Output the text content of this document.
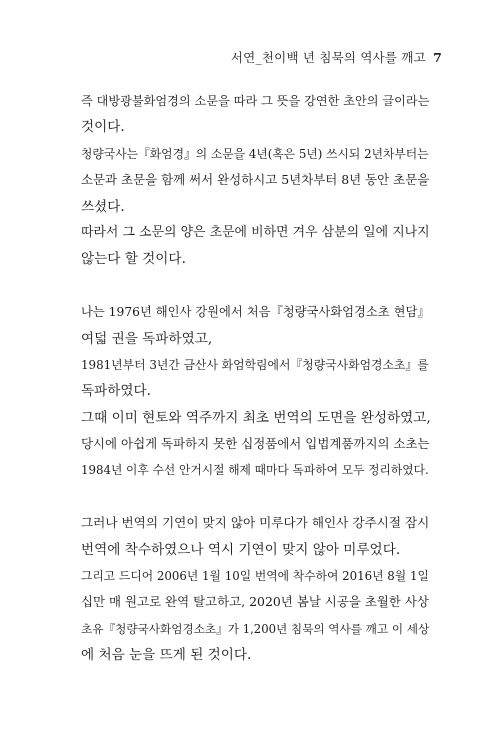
서연_천이백 년 침묵의 역사를 깨고 7
즉 대방광불화엄경의 소문을 따라 그 뜻을 강연한 초안의 글이라는
것이다.
청량국사는『화엄경』의 소문을 4년(혹은 5년) 쓰시되 2년차부터는
소문과 초문을 함께 써서 완성하시고 5년차부터 8년 동안 초문을
쓰셨다.
따라서 그 소문의 양은 초문에 비하면 겨우 삼분의 일에 지나지
않는다 할 것이다.
나는 1976년 해인사 강원에서 처음『청량국사화엄경소초 현담』
여덟 권을 독파하였고,
1981년부터 3년간 금산사 화엄학림에서『청량국사화엄경소초』를
독파하였다.
그때 이미 현토와 역주까지 최초 번역의 도면을 완성하였고,
당시에 아쉽게 독파하지 못한 십정품에서 입법계품까지의 소초는
1984년 이후 수선 안거시절 해제 때마다 독파하여 모두 정리하였다.
그러나 번역의 기연이 맞지 않아 미루다가 해인사 강주시절 잠시
번역에 착수하였으나 역시 기연이 맞지 않아 미루었다.
그리고 드디어 2006년 1월 10일 번역에 착수하여 2016년 8월 1일
십만 매 원고로 완역 탈고하고, 2020년 봄날 시공을 초월한 사상
초유『청량국사화엄경소초』가 1,200년 침묵의 역사를 깨고 이 세상
에 처음 눈을 뜨게 된 것이다.
